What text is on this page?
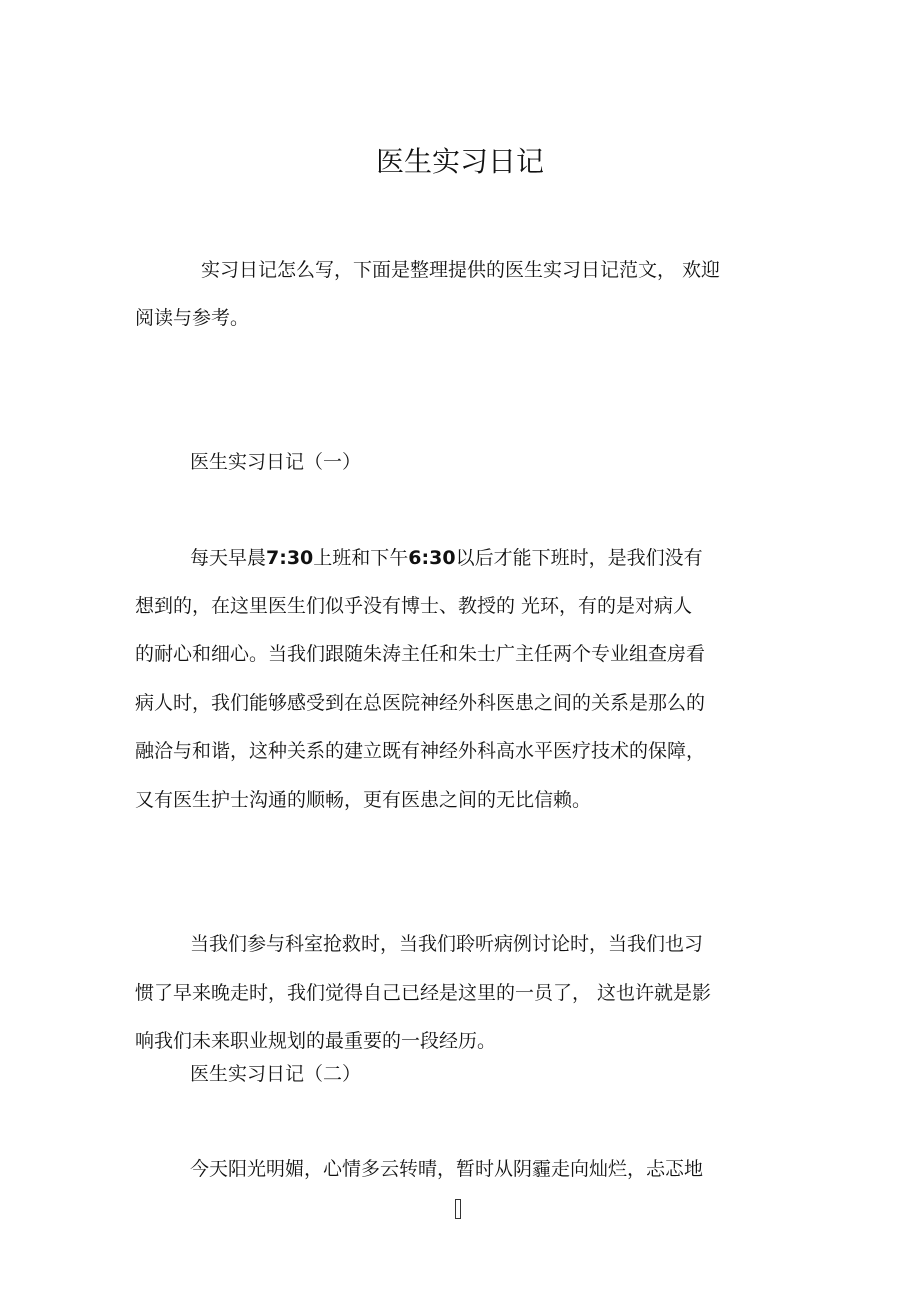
医生实习日记
实习日记怎么写，下面是整理提供的医生实习日记范文， 欢迎
阅读与参考。
医生实习日记（一）
每天早晨7:30上班和下午6:30以后才能下班时，是我们没有
想到的，在这里医生们似乎没有博士、教授的 光环，有的是对病人
的耐心和细心。当我们跟随朱涛主任和朱士广主任两个专业组查房看
病人时，我们能够感受到在总医院神经外科医患之间的关系是那么的
融洽与和谐，这种关系的建立既有神经外科高水平医疗技术的保障，
又有医生护士沟通的顺畅，更有医患之间的无比信赖。
当我们参与科室抢救时，当我们聆听病例讨论时，当我们也习
惯了早来晚走时，我们觉得自己已经是这里的一员了， 这也许就是影
响我们未来职业规划的最重要的一段经历。
医生实习日记（二）
今天阳光明媚，心情多云转晴，暂时从阴霾走向灿烂，忐忑地
